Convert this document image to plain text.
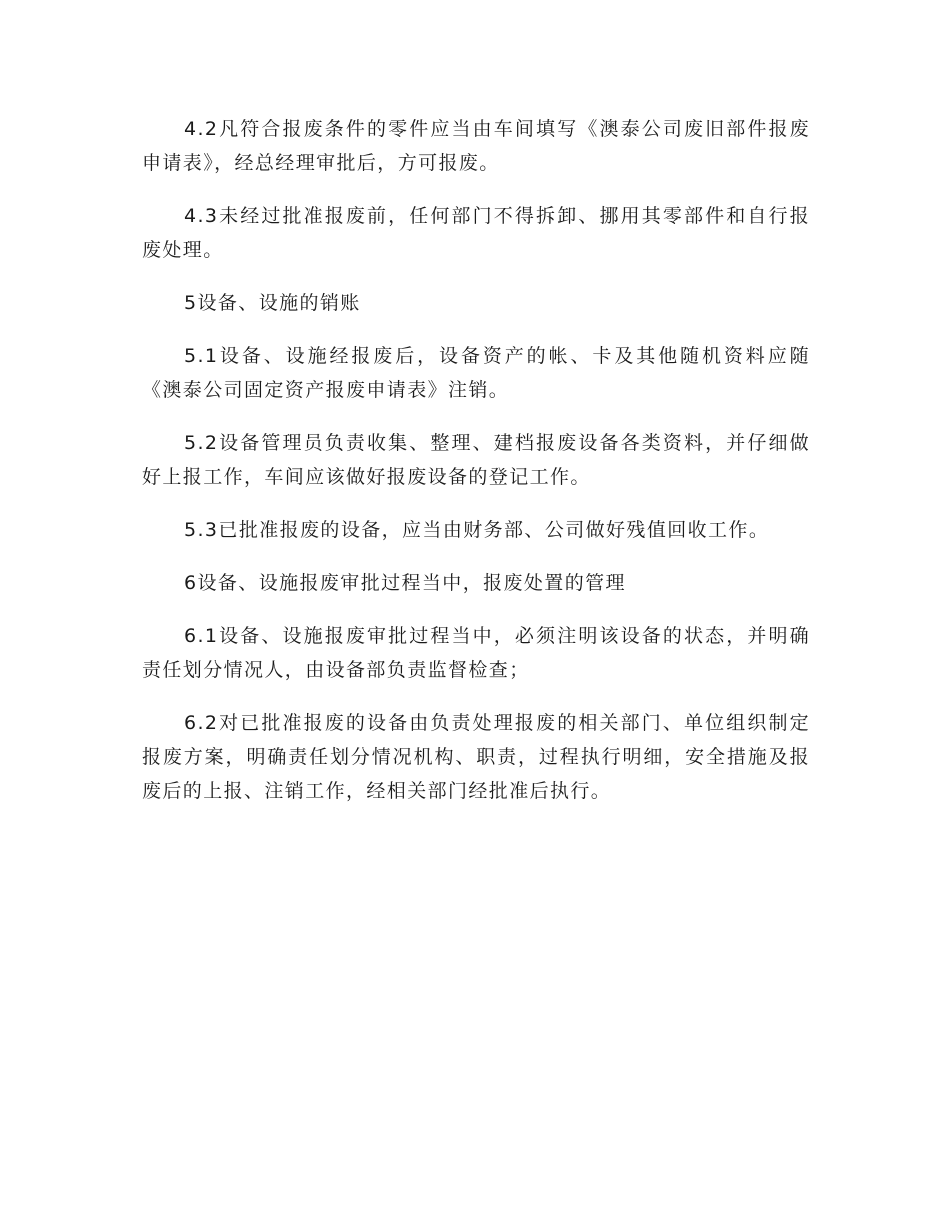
4.2凡符合报废条件的零件应当由车间填写《澳泰公司废旧部件报废申请表》，经总经理审批后，方可报废。

4.3未经过批准报废前，任何部门不得拆卸、挪用其零部件和自行报废处理。

5设备、设施的销账

5.1设备、设施经报废后，设备资产的帐、卡及其他随机资料应随《澳泰公司固定资产报废申请表》注销。

5.2设备管理员负责收集、整理、建档报废设备各类资料，并仔细做好上报工作，车间应该做好报废设备的登记工作。

5.3已批准报废的设备，应当由财务部、公司做好残值回收工作。

6设备、设施报废审批过程当中，报废处置的管理

6.1设备、设施报废审批过程当中，必须注明该设备的状态，并明确责任划分情况人，由设备部负责监督检查；

6.2对已批准报废的设备由负责处理报废的相关部门、单位组织制定报废方案，明确责任划分情况机构、职责，过程执行明细，安全措施及报废后的上报、注销工作，经相关部门经批准后执行。
